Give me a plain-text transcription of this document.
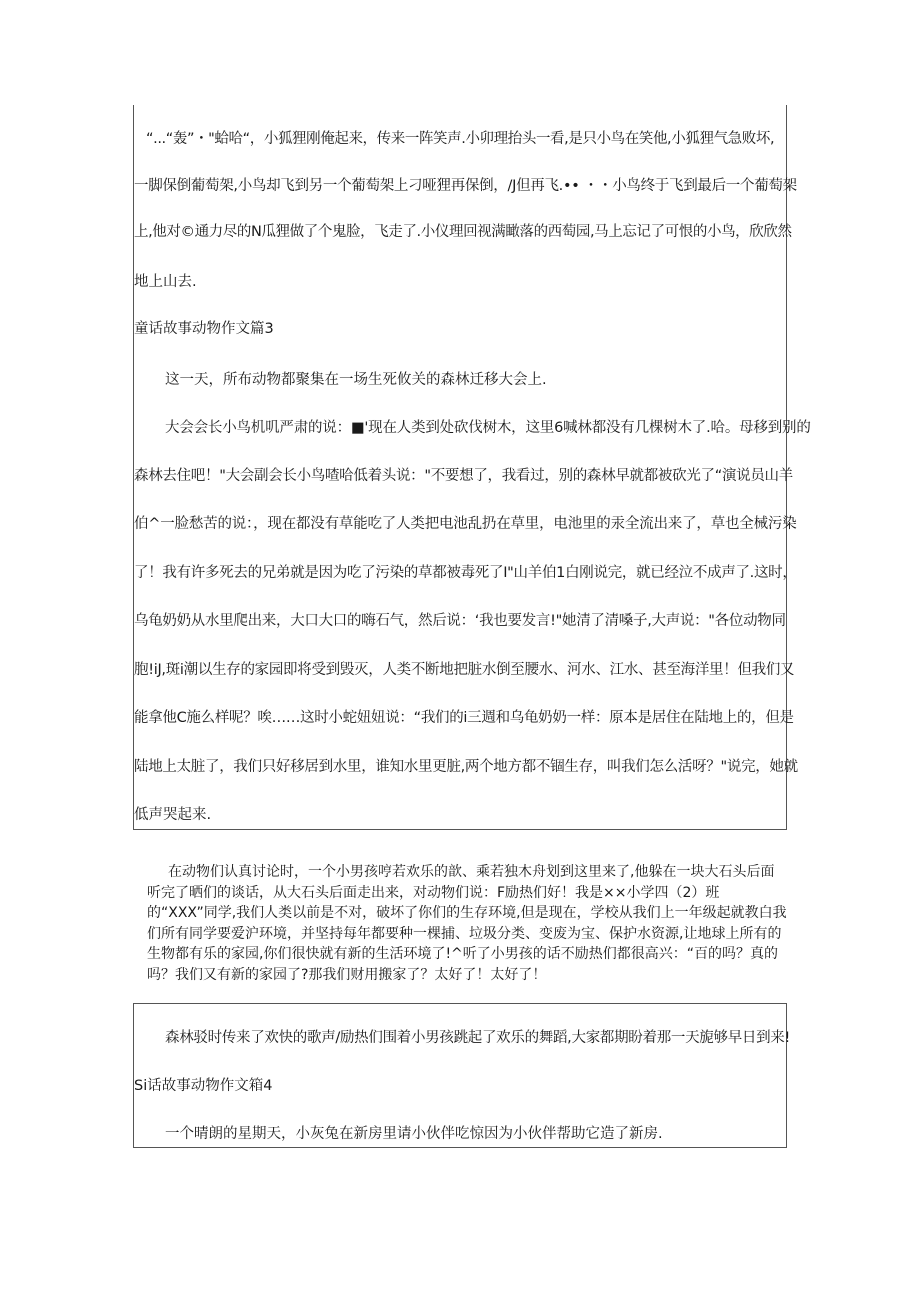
“...“轰”・"蛤哈“，小狐狸刚俺起来，传来一阵笑声.小卯理抬头一看,是只小鸟在笑他,小狐狸气急败坏,
一脚保倒葡萄架,小鸟却飞到另一个葡萄架上刁哑狸再保倒，/J但再飞.•• ・・小鸟终于飞到最后一个葡萄架
上,他对©通力尽的N瓜狸做了个鬼脸，飞走了.小仪理回视满瞰落的西萄园,马上忘记了可恨的小鸟，欣欣然
地上山去.
童话故事动物作文篇3
这一天，所布动物都聚集在一场生死攸关的森林迁移大会上.
大会会长小鸟机叽严肃的说：■'现在人类到处砍伐树木，这里6喊林都没有几棵树木了.哈。母移到别的
森林去住吧！"大会副会长小鸟喳哈低着头说："不要想了，我看过，别的森林早就都被砍光了“演说员山羊
伯^一脸愁苦的说：，现在都没有草能吃了人类把电池乱扔在草里，电池里的汞全流出来了，草也全械污染
了！我有许多死去的兄弟就是因为吃了污染的草都被毒死了I"山羊伯1白刚说完，就已经泣不成声了.这时，
乌龟奶奶从水里爬出来，大口大口的嗨石气，然后说：‘我也要发言!"她清了清嗓子,大声说："各位动物同
胞!iJ,斑i潮以生存的家园即将受到毁灭，人类不断地把脏水倒至腰水、河水、江水、甚至海洋里！但我们又
能拿他C施么样呢？唉……这时小蛇妞妞说：“我们的i三週和乌龟奶奶一样：原本是居住在陆地上的，但是
陆地上太脏了，我们只好移居到水里，谁知水里更脏,两个地方都不锢生存，叫我们怎么活呀？"说完，她就
低声哭起来.

在动物们认真讨论时，一个小男孩哼若欢乐的歆、乘若独木舟划到这里来了,他躲在一块大石头后面听完了晒们的谈话，从大石头后面走出来，对动物们说：F励热们好！我是××小学四（2）班的“XXX”同学,我们人类以前是不对，破坏了你们的生存环境,但是现在，学校从我们上一年级起就教白我们所有同学要爱沪环境，并坚持每年都要种一棵捕、垃圾分类、变废为宝、保护水资源,让地球上所有的生物都有乐的家园,你们很快就有新的生活环境了!^听了小男孩的话不励热们都很高兴：“百的吗？真的吗？我们又有新的家园了?那我们财用搬家了？太好了！太好了！

森林驳时传来了欢快的歌声/励热们围着小男孩跳起了欢乐的舞蹈,大家都期盼着那一天旎够早日到来!
Si话故事动物作文箱4
一个晴朗的星期天，小灰兔在新房里请小伙伴吃惊因为小伙伴帮助它造了新房.
